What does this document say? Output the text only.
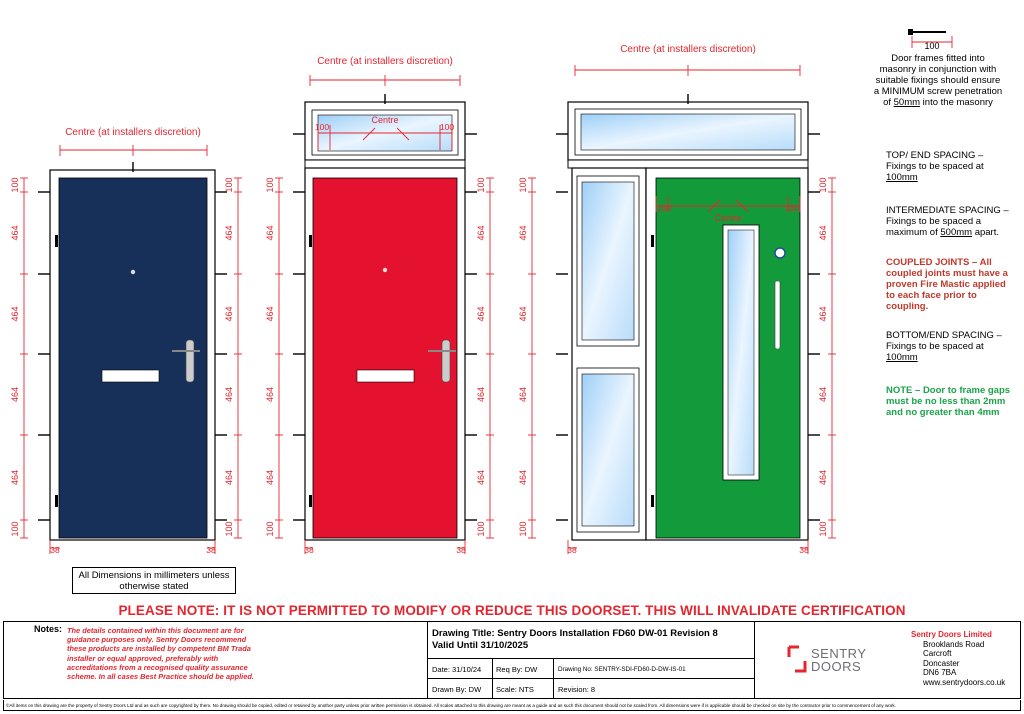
Centre (at installers discretion)
Centre (at installers discretion)
Centre (at installers discretion)
Centre
Centre
100	100
100	100
38	38	38	38	38	38
100
464
464
464
464
100
100
464
464
464
464
100
100
464
464
464
464
100
100
464
464
464
464
100
100
464
464
464
464
100
100
464
464
464
464
100
100
Door frames fitted into
masonry in conjunction with
suitable fixings should ensure
a MINIMUM screw penetration
of 50mm into the masonry
TOP/ END SPACING –
Fixings to be spaced at
100mm
INTERMEDIATE SPACING –
Fixings to be spaced a
maximum of 500mm apart.
COUPLED JOINTS – All
coupled joints must have a
proven Fire Mastic applied
to each face prior to
coupling.
BOTTOM/END SPACING –
Fixings to be spaced at
100mm
NOTE – Door to frame gaps
must be no less than 2mm
and no greater than 4mm
All Dimensions in millimeters unless
otherwise stated
PLEASE NOTE: IT IS NOT PERMITTED TO MODIFY OR REDUCE THIS DOORSET. THIS WILL INVALIDATE CERTIFICATION
Notes: The details contained within this document are for guidance purposes only. Sentry Doors recommend these products are installed by competent BM Trada installer or equal approved, preferably with accreditations from a recognised quality assurance scheme. In all cases Best Practice should be applied.
Drawing Title: Sentry Doors Installation FD60 DW-01 Revision 8
Valid Until 31/10/2025
Date: 31/10/24 Req By: DW	Drawing No: SENTRY-SDI-FD60-D-DW-IS-01
Drawn By: DW Scale: NTS	Revision: 8
SENTRY
DOORS
Sentry Doors Limited
Brooklands Road
Carcroft
Doncaster
DN6 7BA
www.sentrydoors.co.uk
©All items on this drawing are the property of Sentry Doors Ltd and as such are copyrighted by them. No drawing should be copied, edited or retained by another party unless prior written permission is obtained. All scales attached to this drawing are meant as a guide and as such this document should not be scaled from. All dimensions were if is applicable should be checked on site by the contractor prior to commencement of any work.
